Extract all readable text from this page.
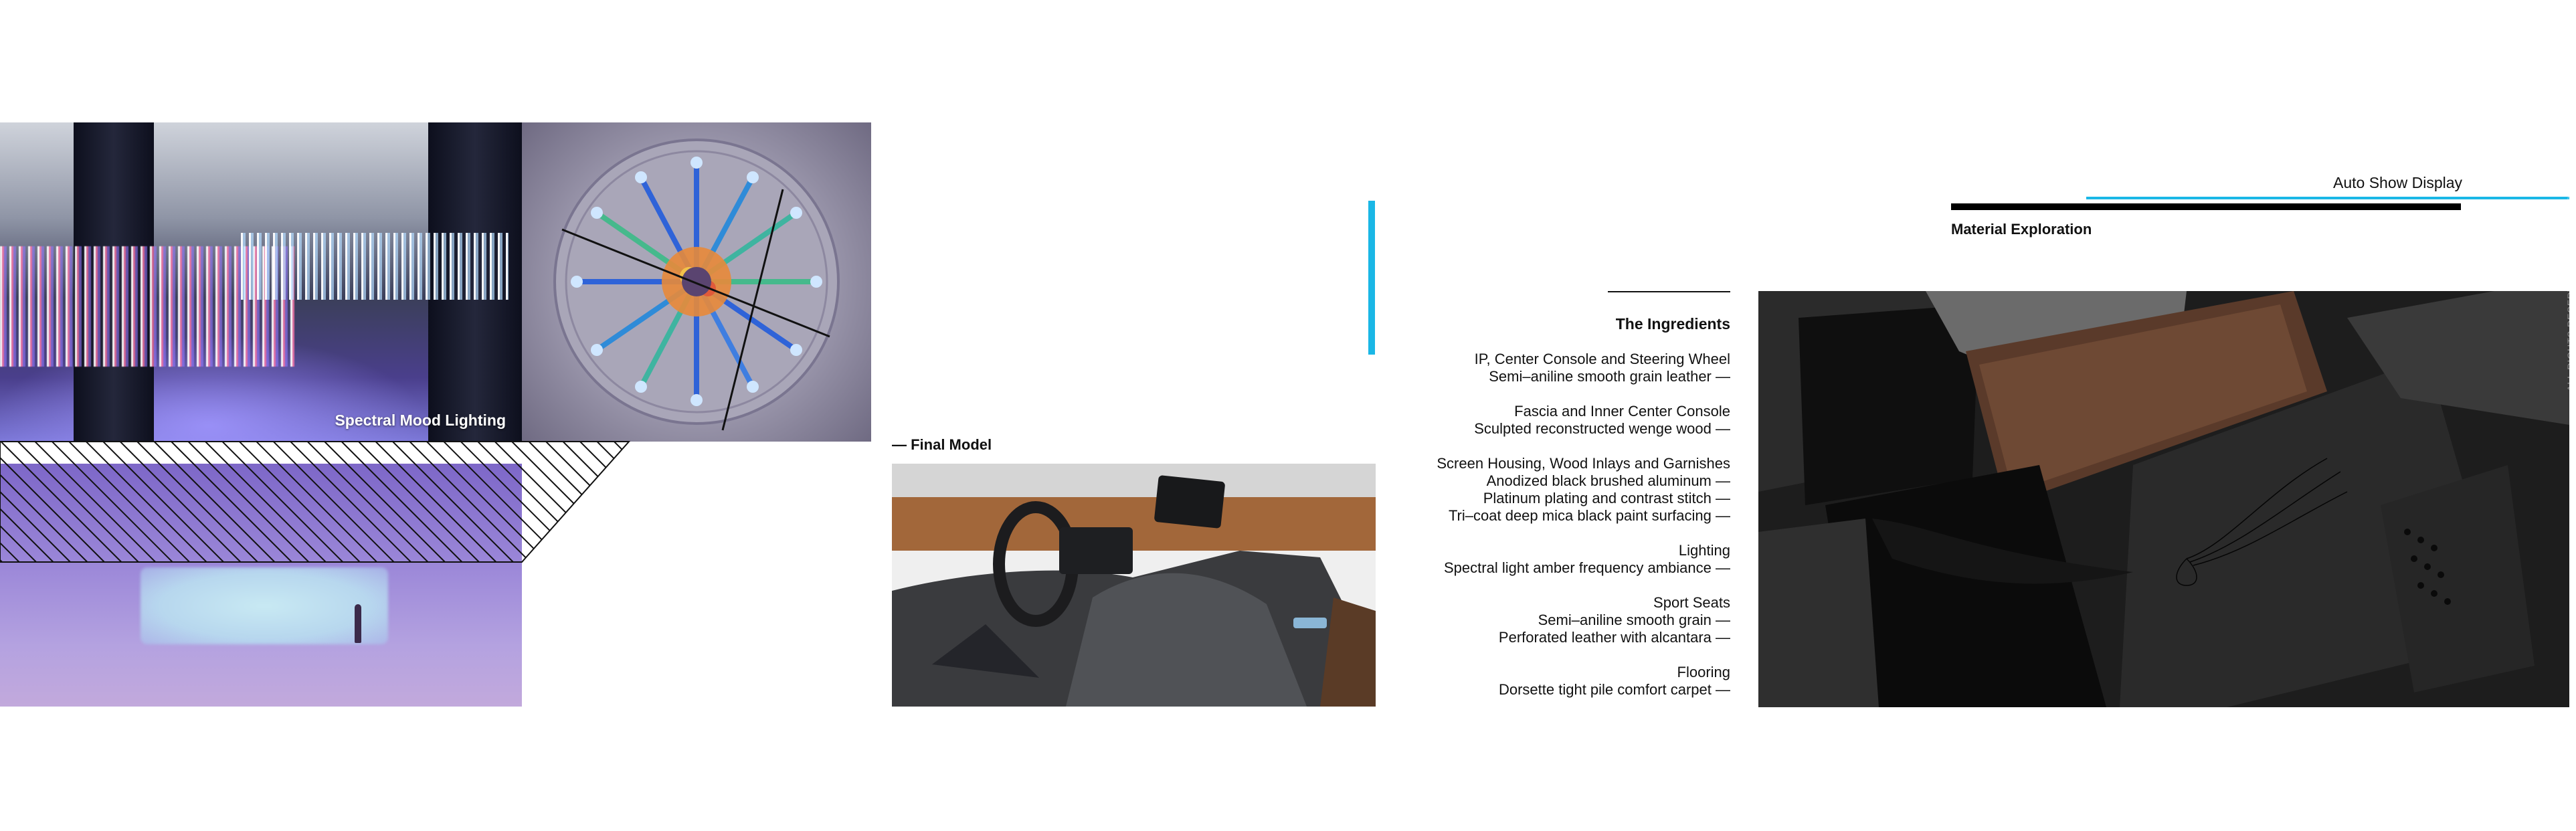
Spectral Mood Lighting
— Final Model
The Ingredients
IP, Center Console and Steering Wheel
Semi–aniline smooth grain leather —
Fascia and Inner Center Console
Sculpted reconstructed wenge wood —
Screen Housing, Wood Inlays and Garnishes
Anodized black brushed aluminum —
Platinum plating and contrast stitch —
Tri–coat deep mica black paint surfacing —
Lighting
Spectral light amber frequency ambiance —
Sport Seats
Semi–aniline smooth grain —
Perforated leather with alcantara —
Flooring
Dorsette tight pile comfort carpet —
Auto Show Display
Material Exploration	ALL RIGHTS RESERVED © & COPYRIGHT 2015 WLBRZYNSKA
